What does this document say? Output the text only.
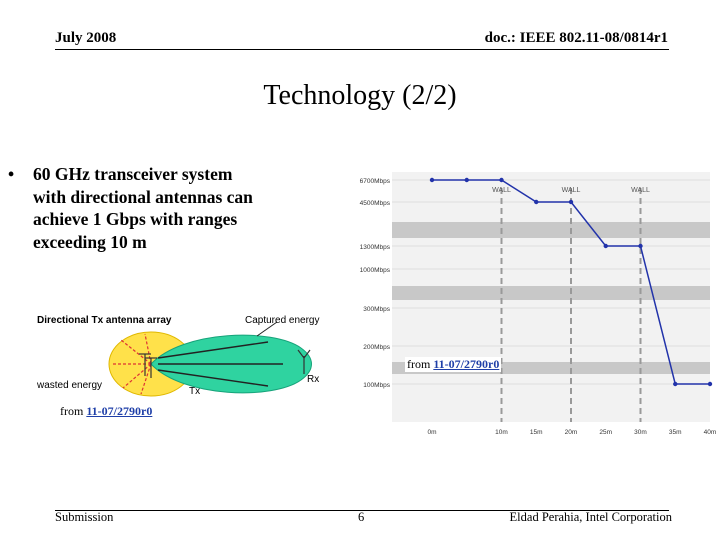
July 2008	doc.: IEEE 802.11-08/0814r1
Technology (2/2)
• 60 GHz transceiver system
with directional antennas can
achieve 1 Gbps with ranges
exceeding 10 m
Directional Tx antenna array	Captured energy
wasted energy
Rx
Tx
from 11-07/2790r0
6700Mbps
4500Mbps
1300Mbps
1000Mbps
300Mbps
200Mbps
100Mbps
0m	10m	15m	20m	25m	30m	35m	40m
WALL	WALL	WALL
from 11-07/2790r0
Submission	6	Eldad Perahia, Intel Corporation
